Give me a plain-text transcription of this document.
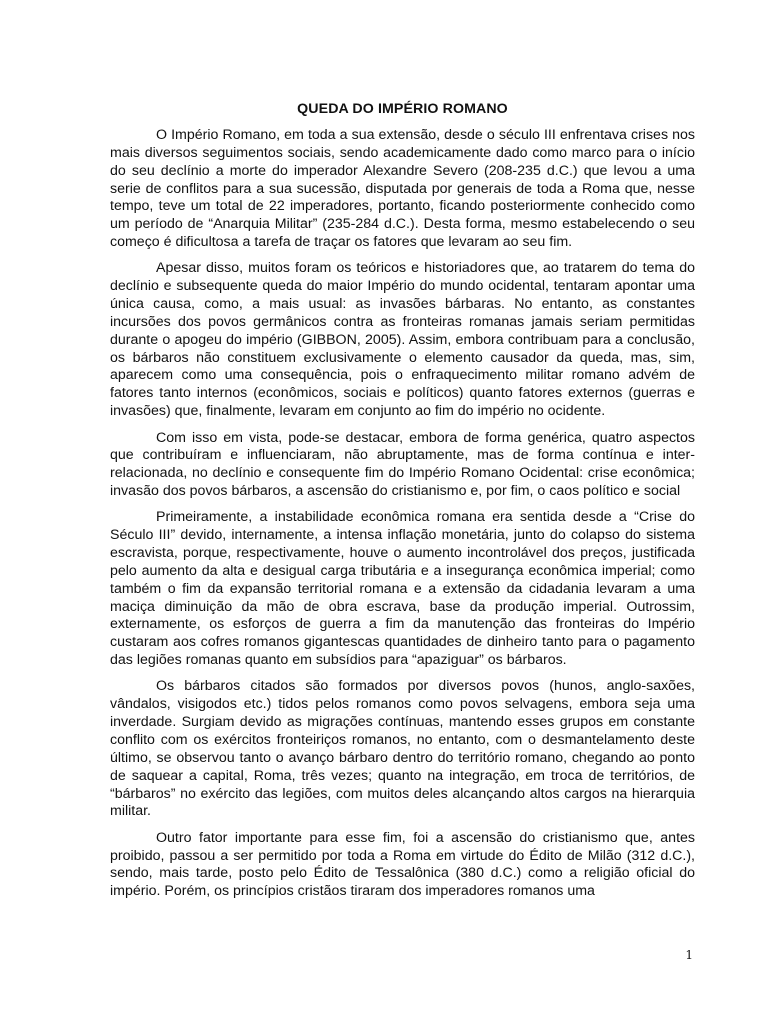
QUEDA DO IMPÉRIO ROMANO

O Império Romano, em toda a sua extensão, desde o século III enfrentava crises nos mais diversos seguimentos sociais, sendo academicamente dado como marco para o início do seu declínio a morte do imperador Alexandre Severo (208-235 d.C.) que levou a uma serie de conflitos para a sua sucessão, disputada por generais de toda a Roma que, nesse tempo, teve um total de 22 imperadores, portanto, ficando posteriormente conhecido como um período de “Anarquia Militar” (235-284 d.C.). Desta forma, mesmo estabelecendo o seu começo é dificultosa a tarefa de traçar os fatores que levaram ao seu fim.

Apesar disso, muitos foram os teóricos e historiadores que, ao tratarem do tema do declínio e subsequente queda do maior Império do mundo ocidental, tentaram apontar uma única causa, como, a mais usual: as invasões bárbaras. No entanto, as constantes incursões dos povos germânicos contra as fronteiras romanas jamais seriam permitidas durante o apogeu do império (GIBBON, 2005). Assim, embora contribuam para a conclusão, os bárbaros não constituem exclusivamente o elemento causador da queda, mas, sim, aparecem como uma consequência, pois o enfraquecimento militar romano advém de fatores tanto internos (econômicos, sociais e políticos) quanto fatores externos (guerras e invasões) que, finalmente, levaram em conjunto ao fim do império no ocidente.

Com isso em vista, pode-se destacar, embora de forma genérica, quatro aspectos que contribuíram e influenciaram, não abruptamente, mas de forma contínua e inter-relacionada, no declínio e consequente fim do Império Romano Ocidental: crise econômica; invasão dos povos bárbaros, a ascensão do cristianismo e, por fim, o caos político e social

Primeiramente, a instabilidade econômica romana era sentida desde a “Crise do Século III” devido, internamente, a intensa inflação monetária, junto do colapso do sistema escravista, porque, respectivamente, houve o aumento incontrolável dos preços, justificada pelo aumento da alta e desigual carga tributária e a insegurança econômica imperial; como também o fim da expansão territorial romana e a extensão da cidadania levaram a uma maciça diminuição da mão de obra escrava, base da produção imperial. Outrossim, externamente, os esforços de guerra a fim da manutenção das fronteiras do Império custaram aos cofres romanos gigantescas quantidades de dinheiro tanto para o pagamento das legiões romanas quanto em subsídios para “apaziguar” os bárbaros.

Os bárbaros citados são formados por diversos povos (hunos, anglo-saxões, vândalos, visigodos etc.) tidos pelos romanos como povos selvagens, embora seja uma inverdade. Surgiam devido as migrações contínuas, mantendo esses grupos em constante conflito com os exércitos fronteiriços romanos, no entanto, com o desmantelamento deste último, se observou tanto o avanço bárbaro dentro do território romano, chegando ao ponto de saquear a capital, Roma, três vezes; quanto na integração, em troca de territórios, de “bárbaros” no exército das legiões, com muitos deles alcançando altos cargos na hierarquia militar.

Outro fator importante para esse fim, foi a ascensão do cristianismo que, antes proibido, passou a ser permitido por toda a Roma em virtude do Édito de Milão (312 d.C.), sendo, mais tarde, posto pelo Édito de Tessalônica (380 d.C.) como a religião oficial do império. Porém, os princípios cristãos tiraram dos imperadores romanos uma

1
